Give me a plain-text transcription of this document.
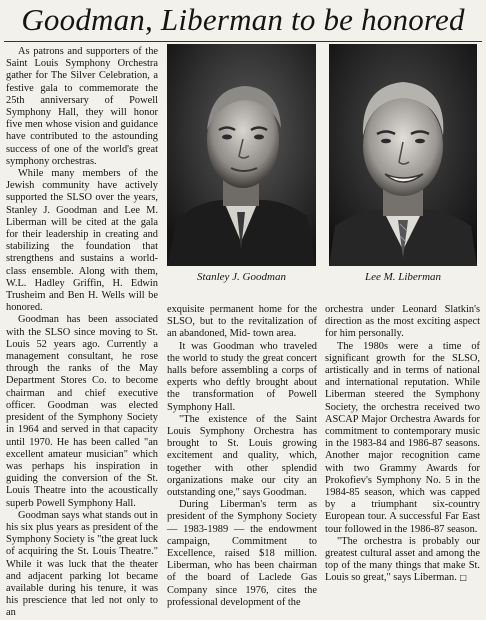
Goodman, Liberman to be honored

As patrons and supporters of the Saint Louis Symphony Orchestra gather for The Silver Celebration, a festive gala to commemorate the 25th anniversary of Powell Symphony Hall, they will honor five men whose vision and guidance have contributed to the astounding success of one of the world's great symphony orchestras.

While many members of the Jewish community have actively supported the SLSO over the years, Stanley J. Goodman and Lee M. Liberman will be cited at the gala for their leadership in creating and stabilizing the foundation that strengthens and sustains a world-class ensemble. Along with them, W.L. Hadley Griffin, H. Edwin Trusheim and Ben H. Wells will be honored.

Goodman has been associated with the SLSO since moving to St. Louis 52 years ago. Currently a management consultant, he rose through the ranks of the May Department Stores Co. to become chairman and chief executive officer. Goodman was elected president of the Symphony Society in 1964 and served in that capacity until 1970. He has been called "an excellent amateur musician" which was perhaps his inspiration in guiding the conversion of the St. Louis Theatre into the acoustically superb Powell Symphony Hall.

Goodman says what stands out in his six plus years as president of the Symphony Society is "the great luck of acquiring the St. Louis Theatre." While it was luck that the theater and adjacent parking lot became available during his tenure, it was his prescience that led not only to an

Stanley J. Goodman	Lee M. Liberman

exquisite permanent home for the SLSO, but to the revitalization of an abandoned, Mid- town area.

It was Goodman who traveled the world to study the great concert halls before assembling a corps of experts who deftly brought about the transformation of Powell Symphony Hall.

"The existence of the Saint Louis Symphony Orchestra has brought to St. Louis growing excitement and quality, which, together with other splendid organizations make our city an outstanding one," says Goodman.

During Liberman's term as president of the Symphony Society — 1983-1989 — the endowment campaign, Commitment to Excellence, raised $18 million. Liberman, who has been chairman of the board of Laclede Gas Company since 1976, cites the professional development of the

orchestra under Leonard Slatkin's direction as the most exciting aspect for him personally.

The 1980s were a time of significant growth for the SLSO, artistically and in terms of national and international reputation. While Liberman steered the Symphony Society, the orchestra received two ASCAP Major Orchestra Awards for commitment to contemporary music in the 1983-84 and 1986-87 seasons. Another major recognition came with two Grammy Awards for Prokofiev's Symphony No. 5 in the 1984-85 season, which was capped by a triumphant six-country European tour. A successful Far East tour followed in the 1986-87 season.

"The orchestra is probably our greatest cultural asset and among the top of the many things that make St. Louis so great," says Liberman. □
